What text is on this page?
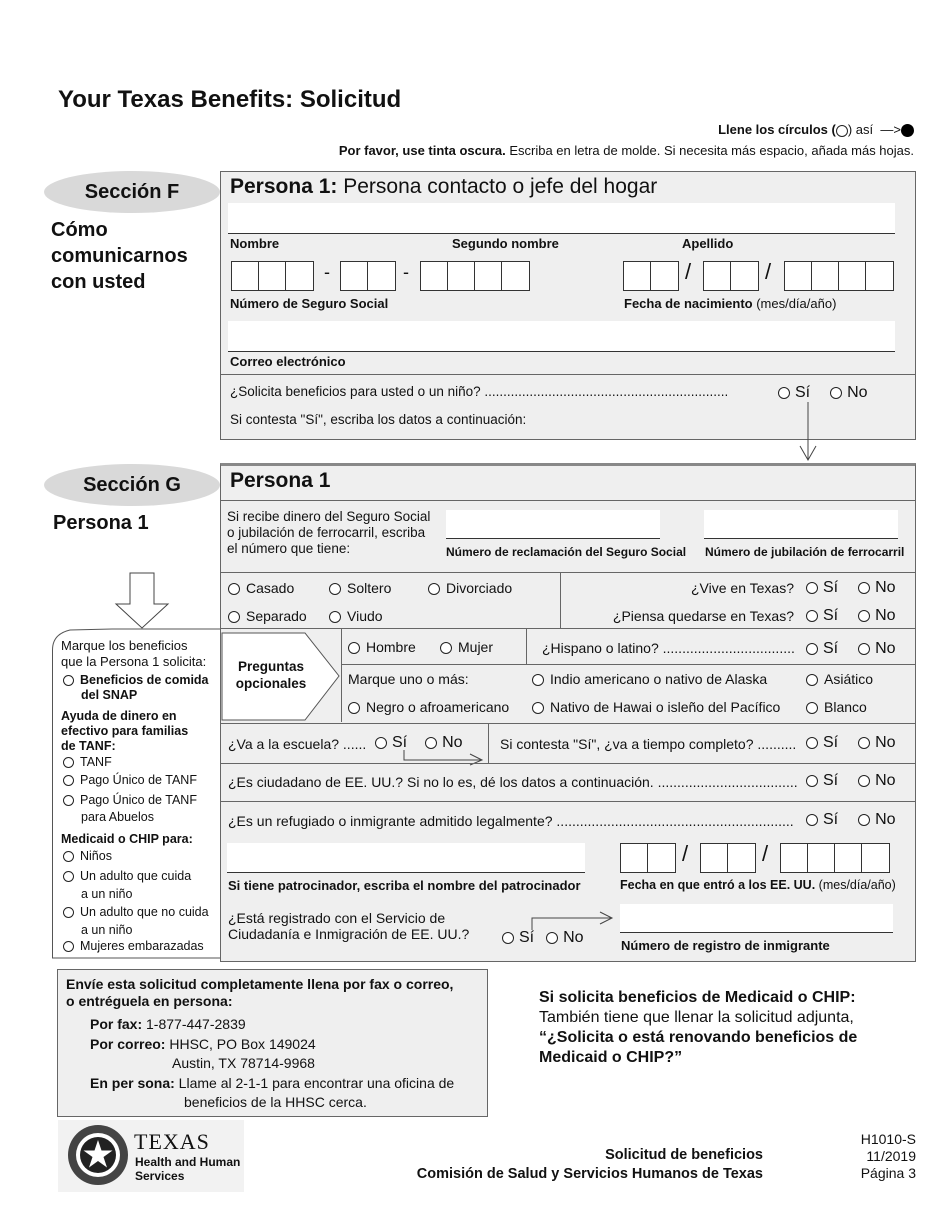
Your Texas Benefits: Solicitud
Llene los círculos ( ) así  —>
Por favor, use tinta oscura. Escriba en letra de molde. Si necesita más espacio, añada más hojas.
Sección F
Cómo comunicarnos con usted
Persona 1: Persona contacto o jefe del hogar
Nombre	Segundo nombre	Apellido
-	-
Número de Seguro Social
/	/
Fecha de nacimiento (mes/día/año)
Correo electrónico
¿Solicita beneficios para usted o un niño? .................................................................	Sí No
Si contesta "Sí", escriba los datos a continuación:
Sección G
Persona 1
Marque los beneficios
que la Persona 1 solicita:
Beneficios de comida
del SNAP
Ayuda de dinero en
efectivo para familias
de TANF:
TANF
Pago Único de TANF
Pago Único de TANF
para Abuelos
Medicaid o CHIP para:
Niños
Un adulto que cuida
a un niño
Un adulto que no cuida
a un niño
Mujeres embarazadas
Persona 1
Si recibe dinero del Seguro Social
o jubilación de ferrocarril, escriba
el número que tiene:	Número de reclamación del Seguro Social Número de jubilación de ferrocarril
Casado	Soltero	Divorciado
Separado	Viudo
¿Vive en Texas?	Sí No
¿Piensa quedarse en Texas?	Sí No
Preguntas
opcionales
Hombre	Mujer	¿Hispano o latino? ..................................	Sí No
Marque uno o más:	Indio americano o nativo de Alaska	Asiático
Negro o afroamericano	Nativo de Hawai o isleño del Pacífico	Blanco
¿Va a la escuela? ......	Sí No	Si contesta "Sí", ¿va a tiempo completo? ..........	Sí No
¿Es ciudadano de EE. UU.? Si no lo es, dé los datos a continuación. ....................................	Sí No
¿Es un refugiado o inmigrante admitido legalmente? .............................................................	Sí No
Si tiene patrocinador, escriba el nombre del patrocinador
/	/
Fecha en que entró a los EE. UU. (mes/día/año)
¿Está registrado con el Servicio de
Ciudadanía e Inmigración de EE. UU.?	Sí No	Número de registro de inmigrante
Envíe esta solicitud completamente llena por fax o correo,
o entréguela en persona:
Por fax: 1-877-447-2839
Por correo: HHSC, PO Box 149024
Austin, TX 78714-9968
En per sona: Llame al 2-1-1 para encontrar una oficina de
beneficios de la HHSC cerca.
Si solicita beneficios de Medicaid o CHIP:
También tiene que llenar la solicitud adjunta,
“¿Solicita o está renovando beneficios de
Medicaid o CHIP?”
TEXAS
Health and Human
Services
Solicitud de beneficios
Comisión de Salud y Servicios Humanos de Texas
H1010-S
11/2019
Página 3
